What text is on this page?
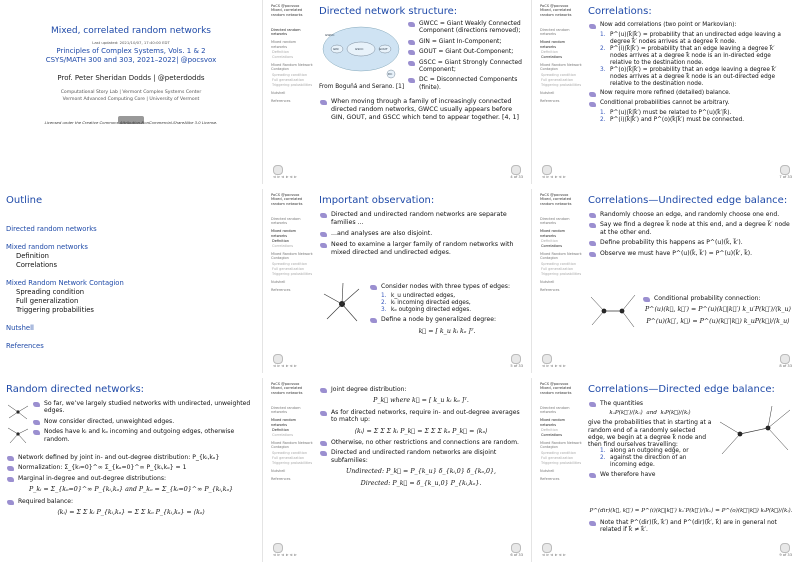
Mixed, correlated random networks
Last updated: 2021/10/07, 17:40:00 EDT
Principles of Complex Systems, Vols. 1 & 2
CSYS/MATH 300 and 303, 2021–2022| @pocsvox
Prof. Peter Sheridan Dodds | @peterdodds
Computational Story Lab | Vermont Complex Systems Center
Vermont Advanced Computing Core | University of Vermont
Licensed under the Creative Commons Attribution-NonCommercial-ShareAlike 3.0 License.
PoCS @pocsvox
Mixed, correlated random networks
Directed random networks
Mixed random networks
Definition
Correlations
Mixed Random Network Contagion
Spreading condition
Full generalization
Triggering probabilities
Nutshell
References
Directed network structure:
GWCC
GIN	GSCC	GOUT
DC
From Boguñá and Serano. [1]
GWCC = Giant Weakly Connected Component (directions removed);
GIN = Giant In-Component;
GOUT = Giant Out-Component;
GSCC = Giant Strongly Connected Component;
DC = Disconnected Components (finite).
When moving through a family of increasingly connected directed random networks, GWCC usually appears before GIN, GOUT, and GSCC which tend to appear together. [4, 1]
⊲ ⊳ ⊲ ⊳ ⊲ ⊳	4 of 33
PoCS @pocsvox
Mixed, correlated random networks
Directed random networks
Mixed random networks
Definition
Correlations
Mixed Random Network Contagion
Spreading condition
Full generalization
Triggering probabilities
Nutshell
References
Correlations:
Now add correlations (two point or Markovian):
1. P^(u)(k⃗|k⃗′) = probability that an undirected edge leaving a degree k⃗′ nodes arrives at a degree k⃗ node.
2. P^(i)(k⃗|k⃗′) = probability that an edge leaving a degree k⃗′ nodes arrives at a degree k⃗ node is an in-directed edge relative to the destination node.
3. P^(o)(k⃗|k⃗′) = probability that an edge leaving a degree k⃗′ nodes arrives at a degree k⃗ node is an out-directed edge relative to the destination node.
Now require more refined (detailed) balance.
Conditional probabilities cannot be arbitrary.
1. P^(u)(k⃗|k⃗′) must be related to P^(u)(k⃗′|k⃗).
2. P^(i)(k⃗|k⃗′) and P^(o)(k⃗|k⃗′) must be connected.
⊲ ⊳ ⊲ ⊳ ⊲ ⊳	7 of 33
Outline
Directed random networks
Mixed random networks
Definition
Correlations
Mixed Random Network Contagion
Spreading condition
Full generalization
Triggering probabilities
Nutshell
References
PoCS @pocsvox
Mixed, correlated random networks
Directed random networks
Mixed random networks
Definition
Correlations
Mixed Random Network Contagion
Spreading condition
Full generalization
Triggering probabilities
Nutshell
References
Important observation:
Directed and undirected random networks are separate families ...
...and analyses are also disjoint.
Need to examine a larger family of random networks with mixed directed and undirected edges.
Consider nodes with three types of edges:
1. k_u undirected edges,
2. kᵢ incoming directed edges,
3. kₒ outgoing directed edges.
Define a node by generalized degree:
k⃗ = [ k_u kᵢ kₒ ]ᵀ.
⊲ ⊳ ⊲ ⊳ ⊲ ⊳	5 of 33
PoCS @pocsvox
Mixed, correlated random networks
Directed random networks
Mixed random networks
Definition
Correlations
Mixed Random Network Contagion
Spreading condition
Full generalization
Triggering probabilities
Nutshell
References
Correlations—Undirected edge balance:
Randomly choose an edge, and randomly choose one end.
Say we find a degree k⃗ node at this end, and a degree k⃗′ node at the other end.
Define probability this happens as P^(u)(k⃗, k⃗′).
Observe we must have P^(u)(k⃗, k⃗′) = P^(u)(k⃗′, k⃗).
Conditional probability connection:
P^(u)(k⃗, k⃗′) = P^(u)(k⃗|k⃗′) k_u′P(k⃗′)/⟨k_u⟩
P^(u)(k⃗′, k⃗) = P^(u)(k⃗′|k⃗) k_uP(k⃗)/⟨k_u⟩
⊲ ⊳ ⊲ ⊳ ⊲ ⊳	8 of 33
Random directed networks:
So far, we’ve largely studied networks with undirected, unweighted edges.
Now consider directed, unweighted edges.
Nodes have kᵢ and kₒ incoming and outgoing edges, otherwise random.
Network defined by joint in- and out-degree distribution: P_{kᵢ,kₒ}
Normalization: Σ_{kᵢ=0}^∞ Σ_{kₒ=0}^∞ P_{kᵢ,kₒ} = 1
Marginal in-degree and out-degree distributions:
P_kᵢ = Σ_{kₒ=0}^∞ P_{kᵢ,kₒ} and P_kₒ = Σ_{kᵢ=0}^∞ P_{kᵢ,kₒ}
Required balance:
⟨kᵢ⟩ = Σ Σ kᵢ P_{kᵢ,kₒ} = Σ Σ kₒ P_{kᵢ,kₒ} = ⟨kₒ⟩
PoCS @pocsvox
Mixed, correlated random networks
Directed random networks
Mixed random networks
Definition
Correlations
Mixed Random Network Contagion
Spreading condition
Full generalization
Triggering probabilities
Nutshell
References
Joint degree distribution:
P_k⃗ where k⃗ = [ k_u kᵢ kₒ ]ᵀ.
As for directed networks, require in- and out-degree averages to match up:
⟨kᵢ⟩ = Σ Σ Σ kᵢ P_k⃗ = Σ Σ Σ kₒ P_k⃗ = ⟨kₒ⟩
Otherwise, no other restrictions and connections are random.
Directed and undirected random networks are disjoint subfamilies:
Undirected: P_k⃗ = P_{k_u} δ_{kᵢ,0} δ_{kₒ,0},
Directed: P_k⃗ = δ_{k_u,0} P_{kᵢ,kₒ}.
⊲ ⊳ ⊲ ⊳ ⊲ ⊳	6 of 33
PoCS @pocsvox
Mixed, correlated random networks
Directed random networks
Mixed random networks
Definition
Correlations
Mixed Random Network Contagion
Spreading condition
Full generalization
Triggering probabilities
Nutshell
References
Correlations—Directed edge balance:
The quantities
kₒP(k⃗′)/⟨kₒ⟩  and  kᵢP(k⃗)/⟨kᵢ⟩
give the probabilities that in starting at a random end of a randomly selected edge, we begin at a degree k⃗ node and then find ourselves travelling:
1. along an outgoing edge, or
2. against the direction of an incoming edge.
We therefore have
P^(dir)(k⃗, k⃗′) = P^(i)(k⃗|k⃗′) kₒ′P(k⃗′)/⟨kₒ⟩ = P^(o)(k⃗′|k⃗) kᵢP(k⃗)/⟨kᵢ⟩.
Note that P^(dir)(k⃗, k⃗′) and P^(dir)(k⃗′, k⃗) are in general not related if k⃗ ≠ k⃗′.
⊲ ⊳ ⊲ ⊳ ⊲ ⊳	9 of 33
